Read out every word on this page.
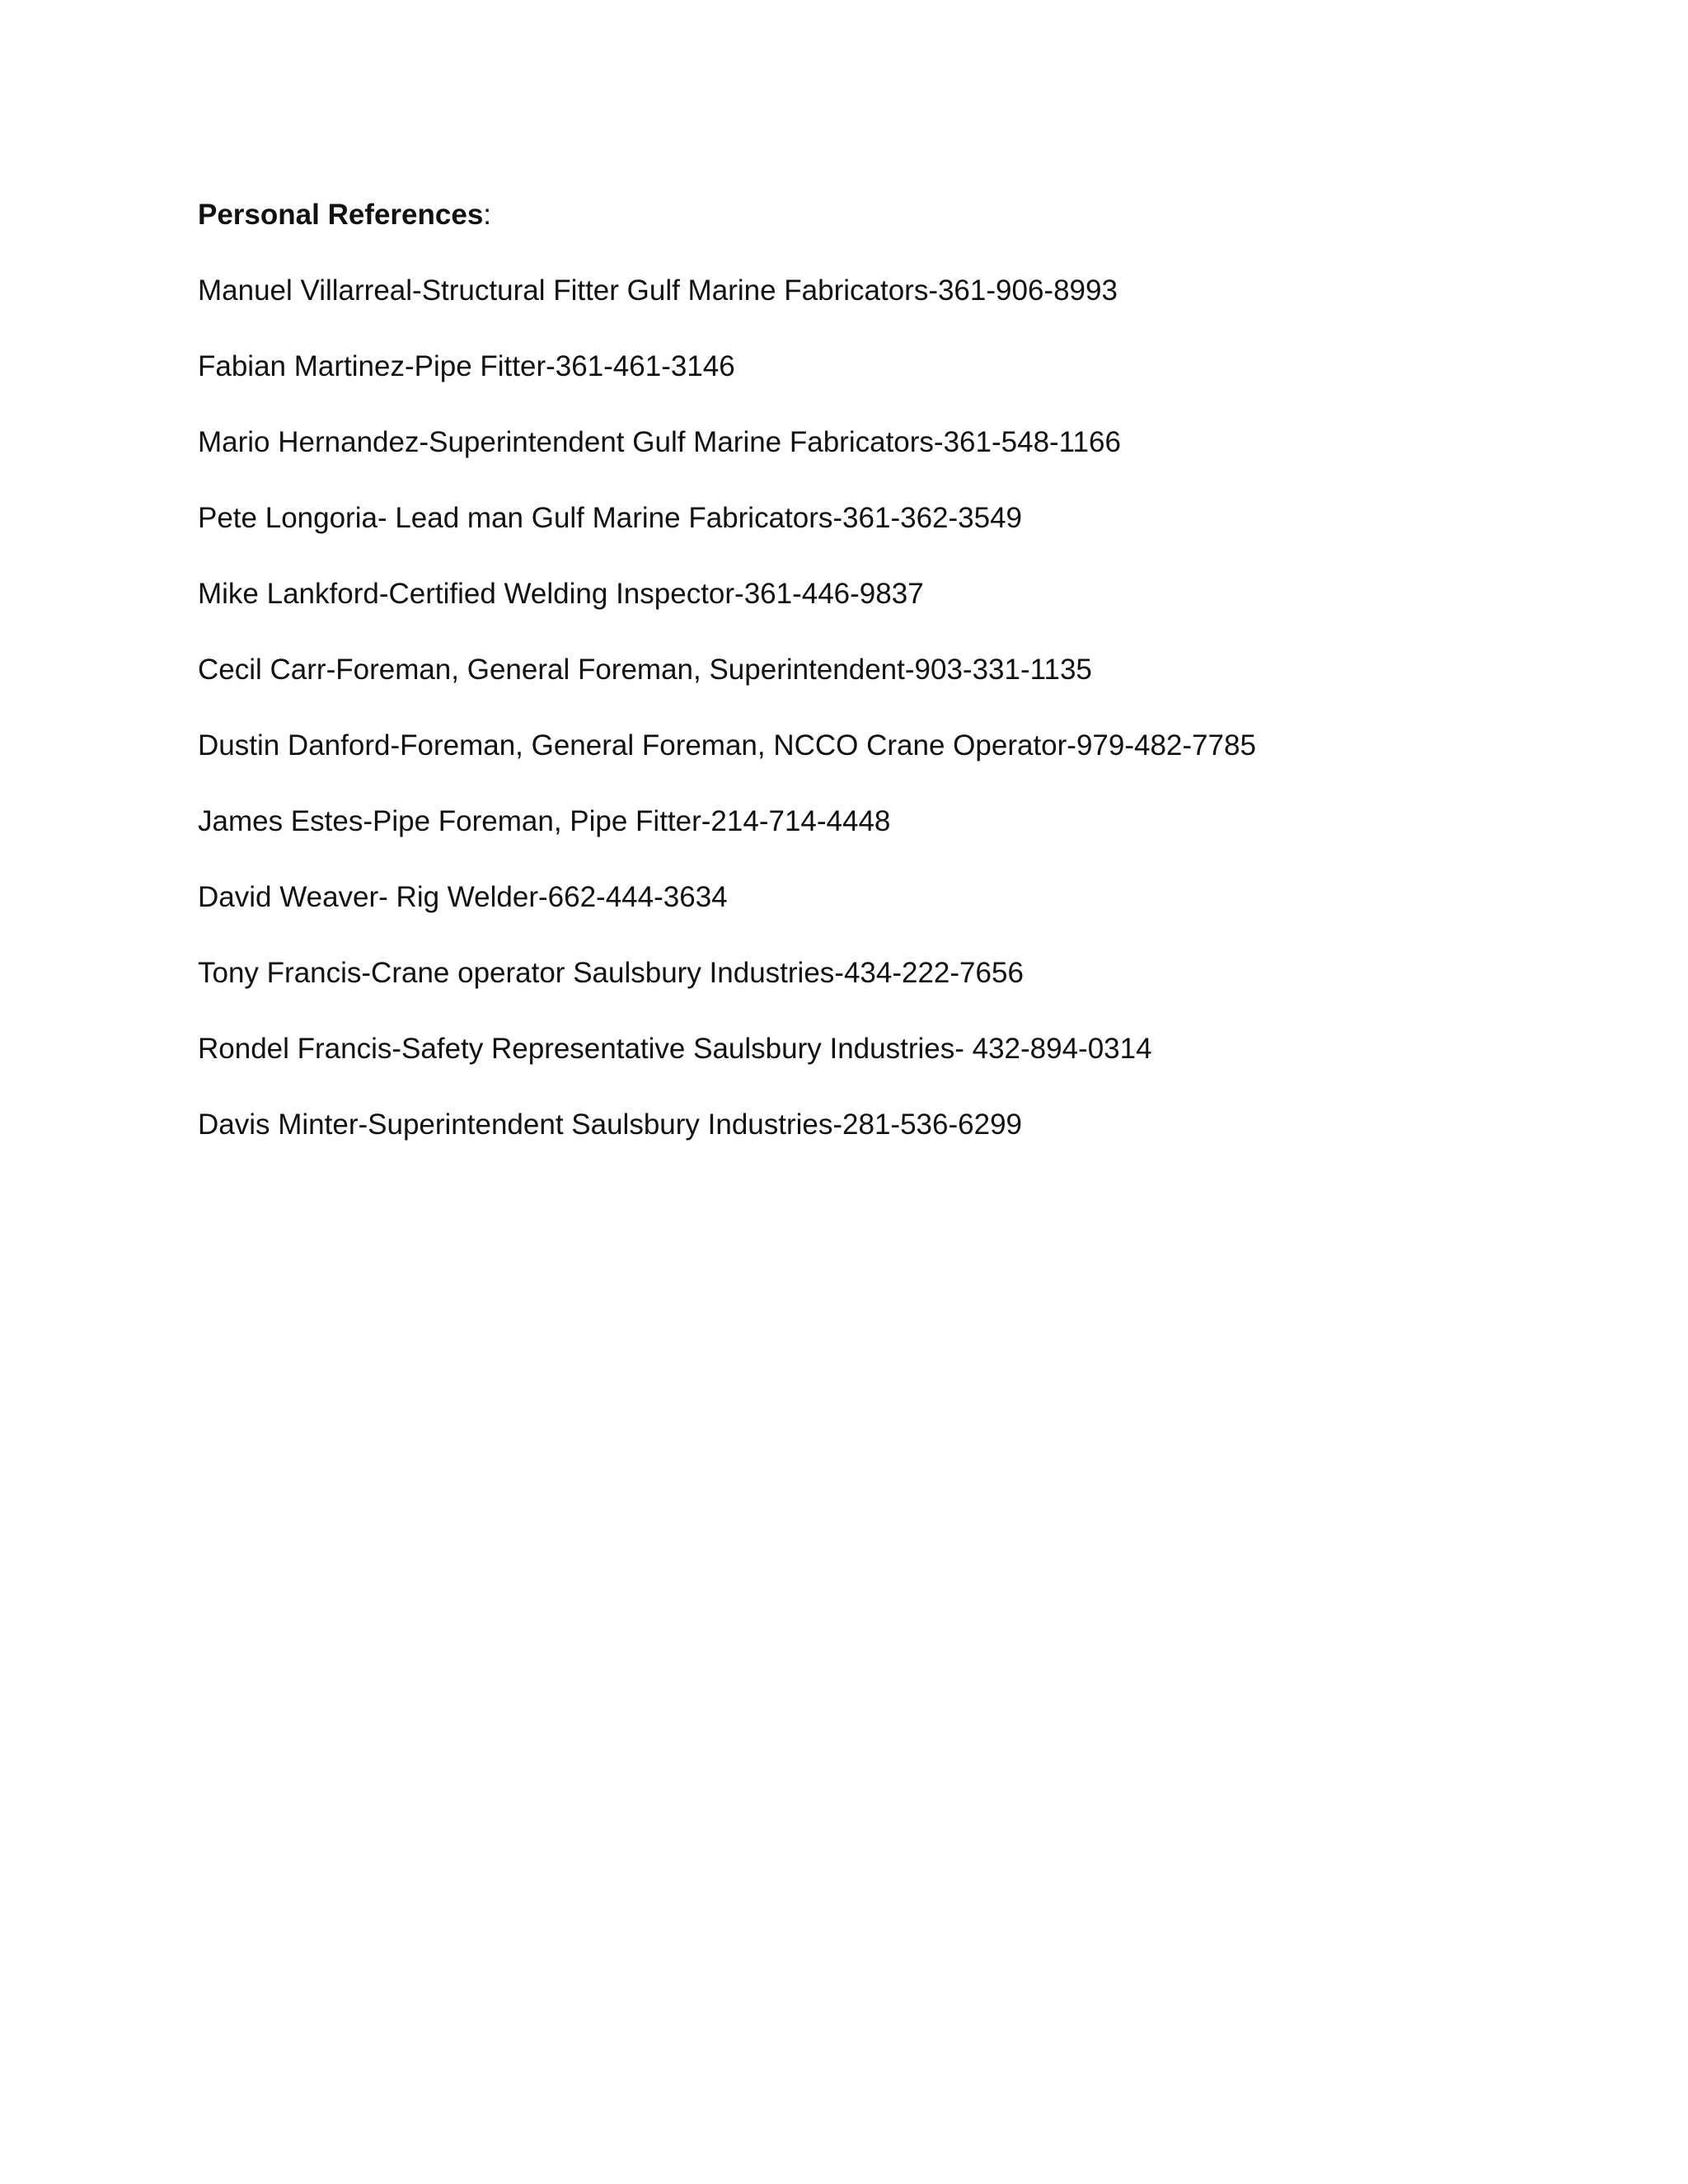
Personal References:
Manuel Villarreal-Structural Fitter Gulf Marine Fabricators-361-906-8993
Fabian Martinez-Pipe Fitter-361-461-3146
Mario Hernandez-Superintendent Gulf Marine Fabricators-361-548-1166
Pete Longoria- Lead man Gulf Marine Fabricators-361-362-3549
Mike Lankford-Certified Welding Inspector-361-446-9837
Cecil Carr-Foreman, General Foreman, Superintendent-903-331-1135
Dustin Danford-Foreman, General Foreman, NCCO Crane Operator-979-482-7785
James Estes-Pipe Foreman, Pipe Fitter-214-714-4448
David Weaver- Rig Welder-662-444-3634
Tony Francis-Crane operator Saulsbury Industries-434-222-7656
Rondel Francis-Safety Representative Saulsbury Industries- 432-894-0314
Davis Minter-Superintendent Saulsbury Industries-281-536-6299
